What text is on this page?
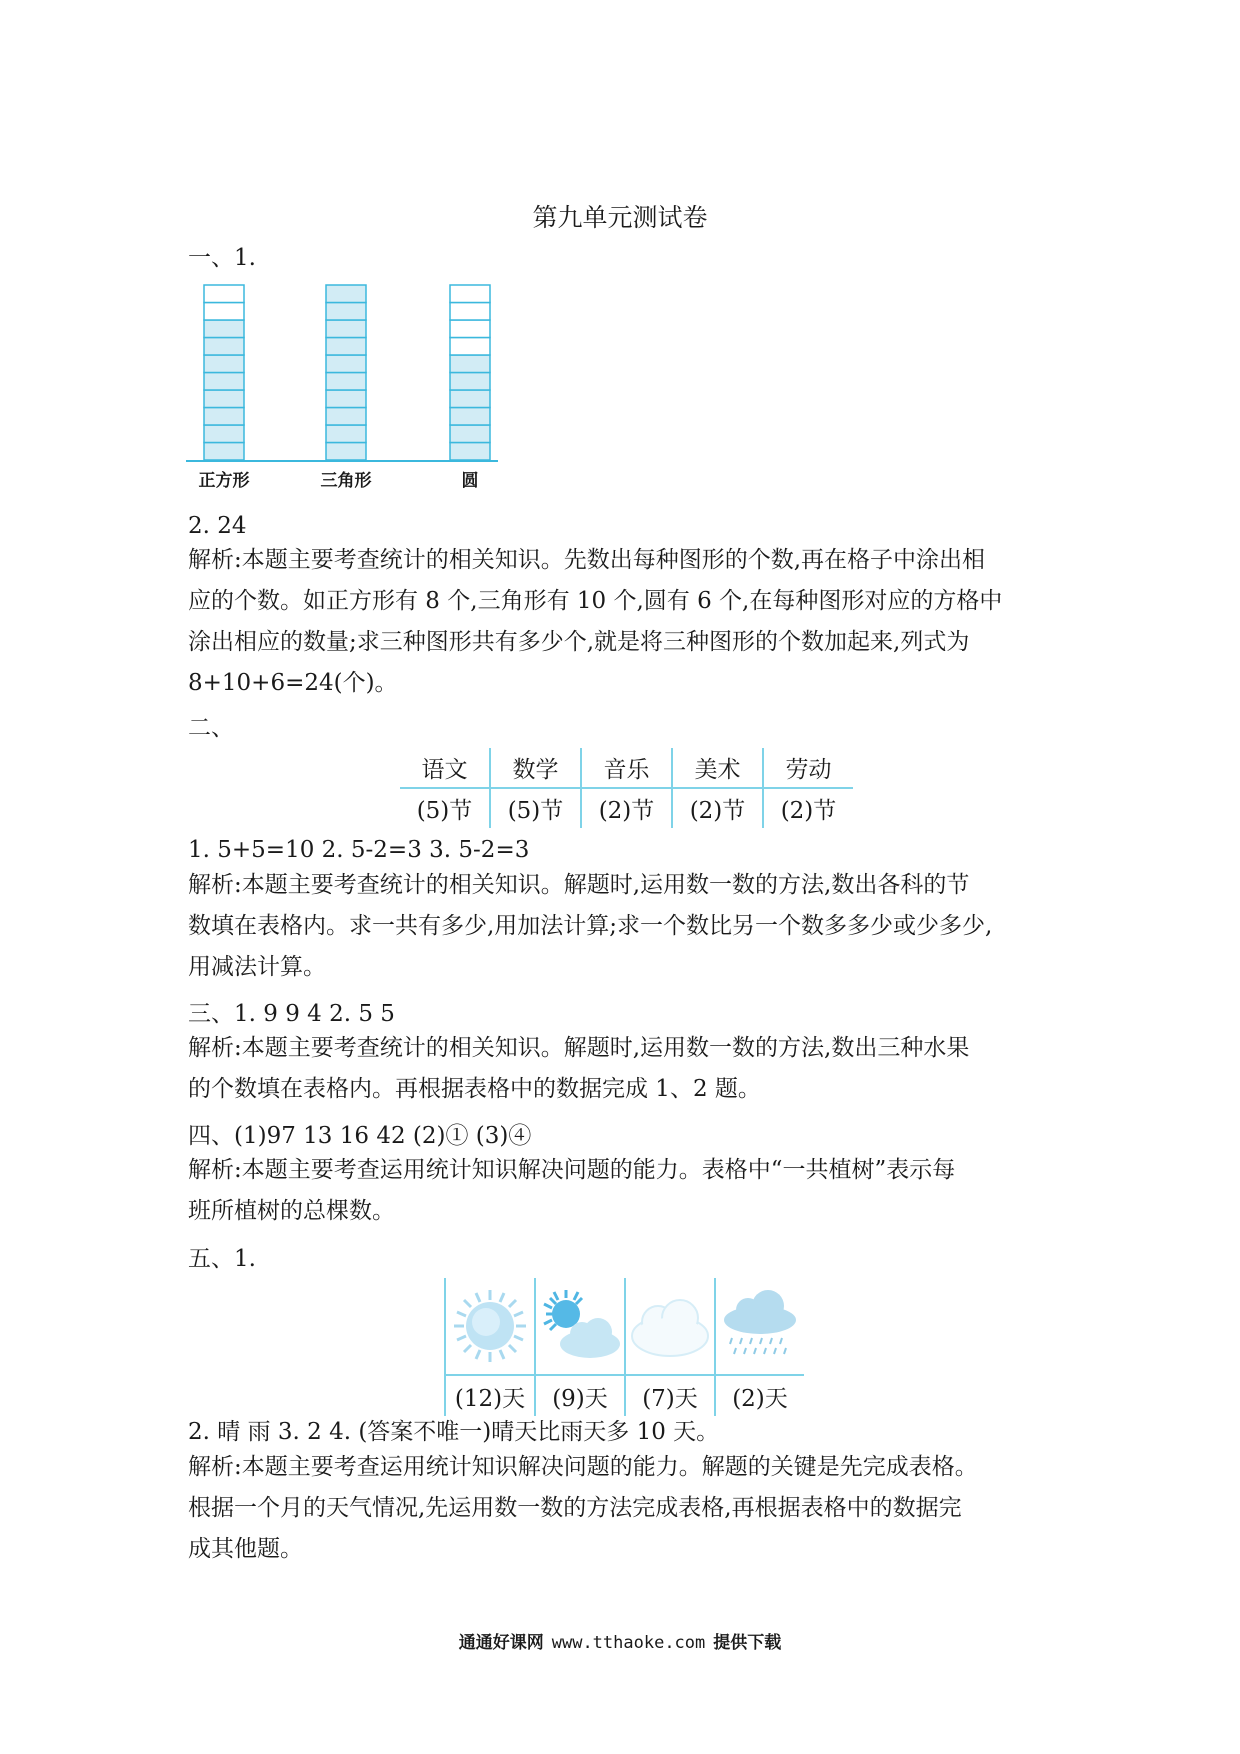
第九单元测试卷
一、1.
正方形	三角形	圆
2. 24
解析:本题主要考查统计的相关知识。先数出每种图形的个数,再在格子中涂出相
应的个数。如正方形有 8 个,三角形有 10 个,圆有 6 个,在每种图形对应的方格中
涂出相应的数量;求三种图形共有多少个,就是将三种图形的个数加起来,列式为
8+10+6=24(个)。
二、
语文	数学	音乐	美术	劳动
(5)节	(5)节	(2)节	(2)节	(2)节
1. 5+5=10 2. 5-2=3 3. 5-2=3
解析:本题主要考查统计的相关知识。解题时,运用数一数的方法,数出各科的节
数填在表格内。求一共有多少,用加法计算;求一个数比另一个数多多少或少多少,
用减法计算。
三、1. 9 9 4 2. 5 5
解析:本题主要考查统计的相关知识。解题时,运用数一数的方法,数出三种水果
的个数填在表格内。再根据表格中的数据完成 1、2 题。
四、(1)97 13 16 42 (2)① (3)④
解析:本题主要考查运用统计知识解决问题的能力。表格中“一共植树”表示每
班所植树的总棵数。
五、1.

(12)天	(9)天	(7)天	(2)天
2. 晴 雨 3. 2 4. (答案不唯一)晴天比雨天多 10 天。
解析:本题主要考查运用统计知识解决问题的能力。解题的关键是先完成表格。
根据一个月的天气情况,先运用数一数的方法完成表格,再根据表格中的数据完
成其他题。
通通好课网 www.tthaoke.com 提供下载
